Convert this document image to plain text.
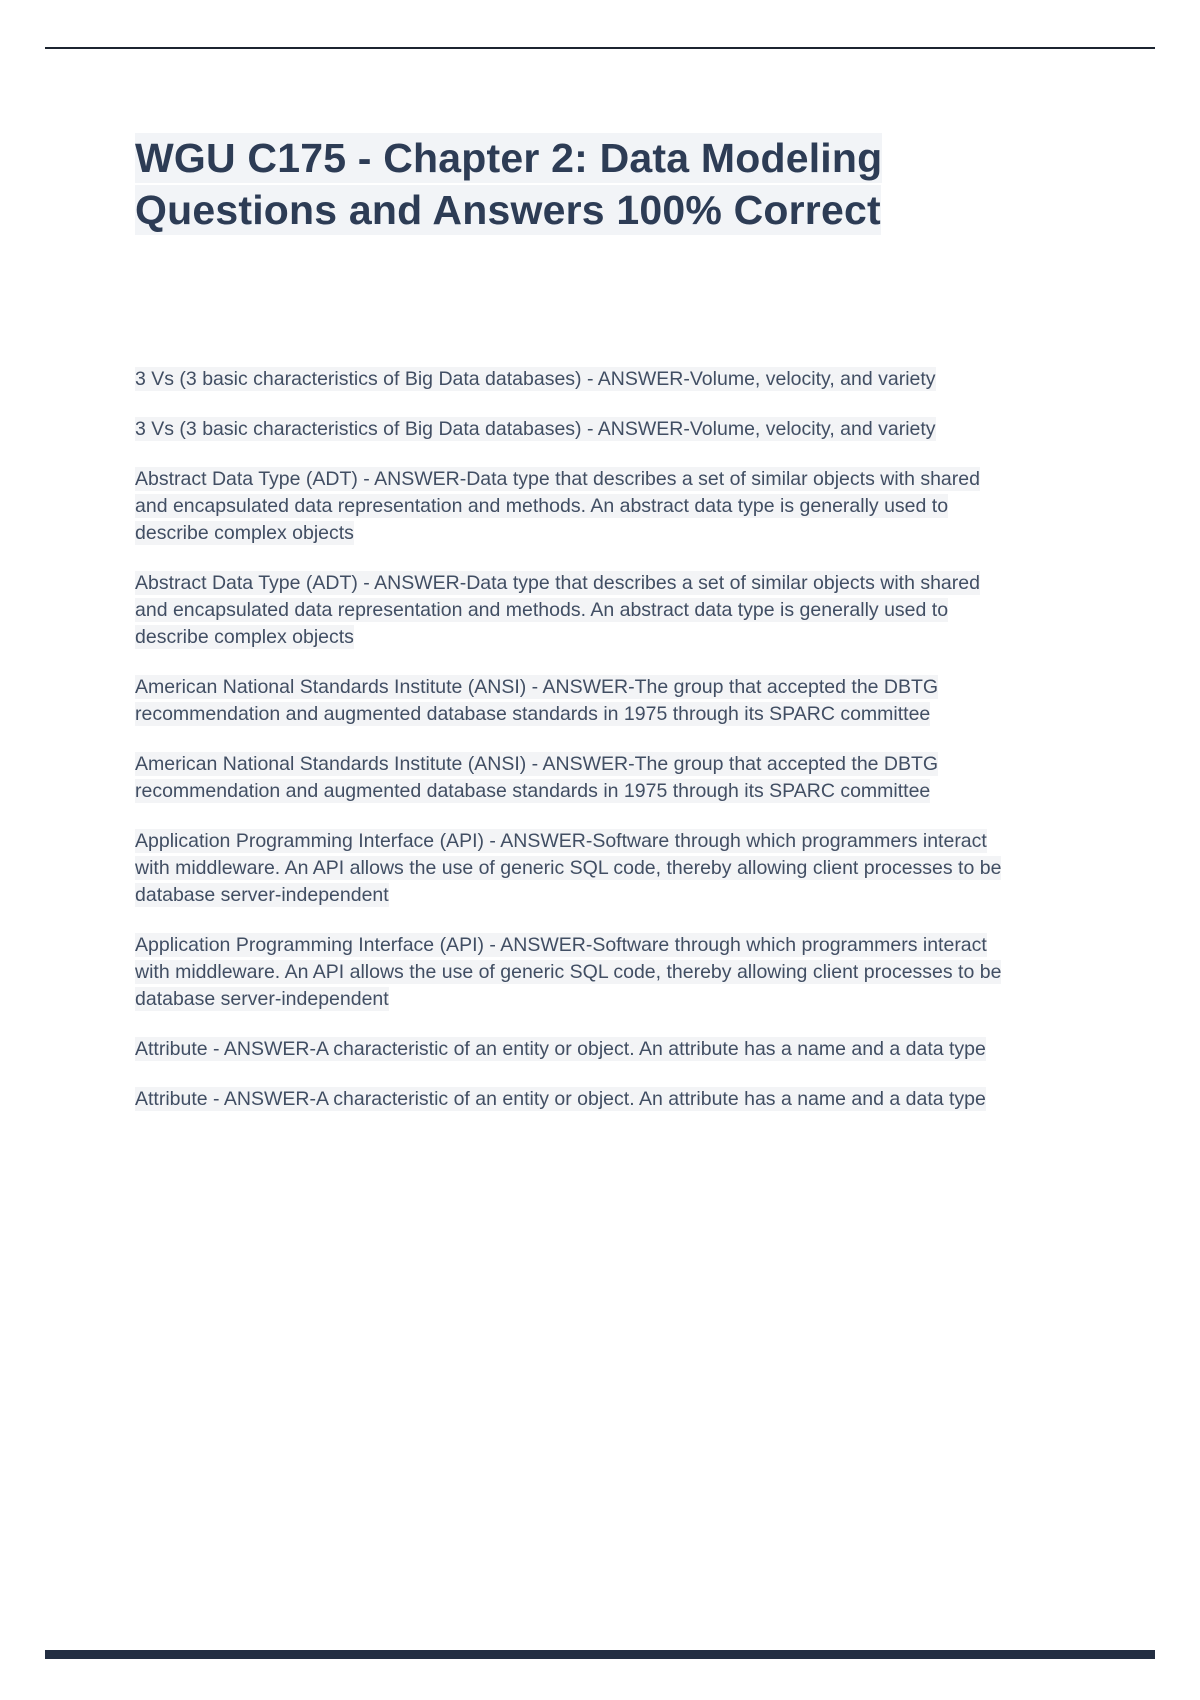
WGU C175 - Chapter 2: Data Modeling Questions and Answers 100% Correct

3 Vs (3 basic characteristics of Big Data databases) - ANSWER-Volume, velocity, and variety

3 Vs (3 basic characteristics of Big Data databases) - ANSWER-Volume, velocity, and variety

Abstract Data Type (ADT) - ANSWER-Data type that describes a set of similar objects with shared and encapsulated data representation and methods. An abstract data type is generally used to describe complex objects

Abstract Data Type (ADT) - ANSWER-Data type that describes a set of similar objects with shared and encapsulated data representation and methods. An abstract data type is generally used to describe complex objects

American National Standards Institute (ANSI) - ANSWER-The group that accepted the DBTG recommendation and augmented database standards in 1975 through its SPARC committee

American National Standards Institute (ANSI) - ANSWER-The group that accepted the DBTG recommendation and augmented database standards in 1975 through its SPARC committee

Application Programming Interface (API) - ANSWER-Software through which programmers interact with middleware. An API allows the use of generic SQL code, thereby allowing client processes to be database server-independent

Application Programming Interface (API) - ANSWER-Software through which programmers interact with middleware. An API allows the use of generic SQL code, thereby allowing client processes to be database server-independent

Attribute - ANSWER-A characteristic of an entity or object. An attribute has a name and a data type

Attribute - ANSWER-A characteristic of an entity or object. An attribute has a name and a data type
